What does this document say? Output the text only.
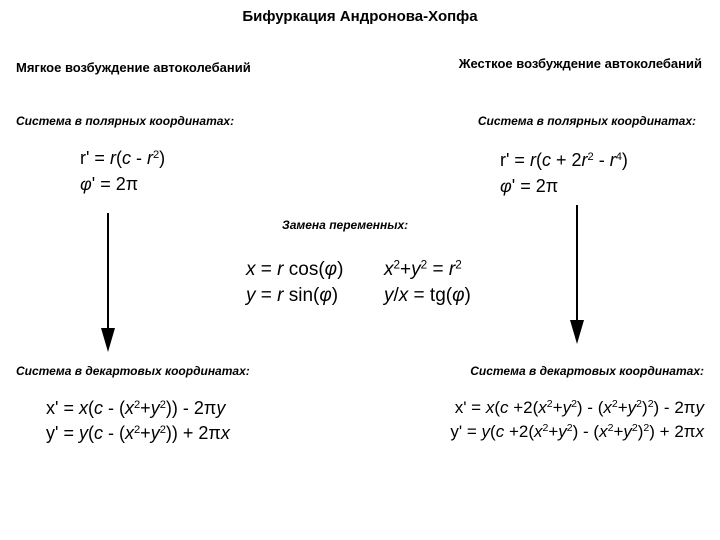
Бифуркация Андронова-Хопфа
Мягкое возбуждение автоколебаний
Система в полярных координатах:
$r' = r(c - r^2)$
φ' = 2π
Система в декартовых координатах:
$x' = x(c - (x^2+y^2)) - 2\pi y$
$y' = y(c - (x^2+y^2)) + 2\pi x$
Жесткое возбуждение автоколебаний
Система в полярных координатах:
$r' = r(c + 2r^2 - r^4)$
φ' = 2π
Система в декартовых координатах:
$x' = x(c +2(x^2+y^2) - (x^2+y^2)^2) - 2\pi y$
$y' = y(c +2(x^2+y^2) - (x^2+y^2)^2) + 2\pi x$
Замена переменных:
x = r cos(φ)
y = r sin(φ)
$x^2+y^2 = r^2$
y/x = tg(φ)
